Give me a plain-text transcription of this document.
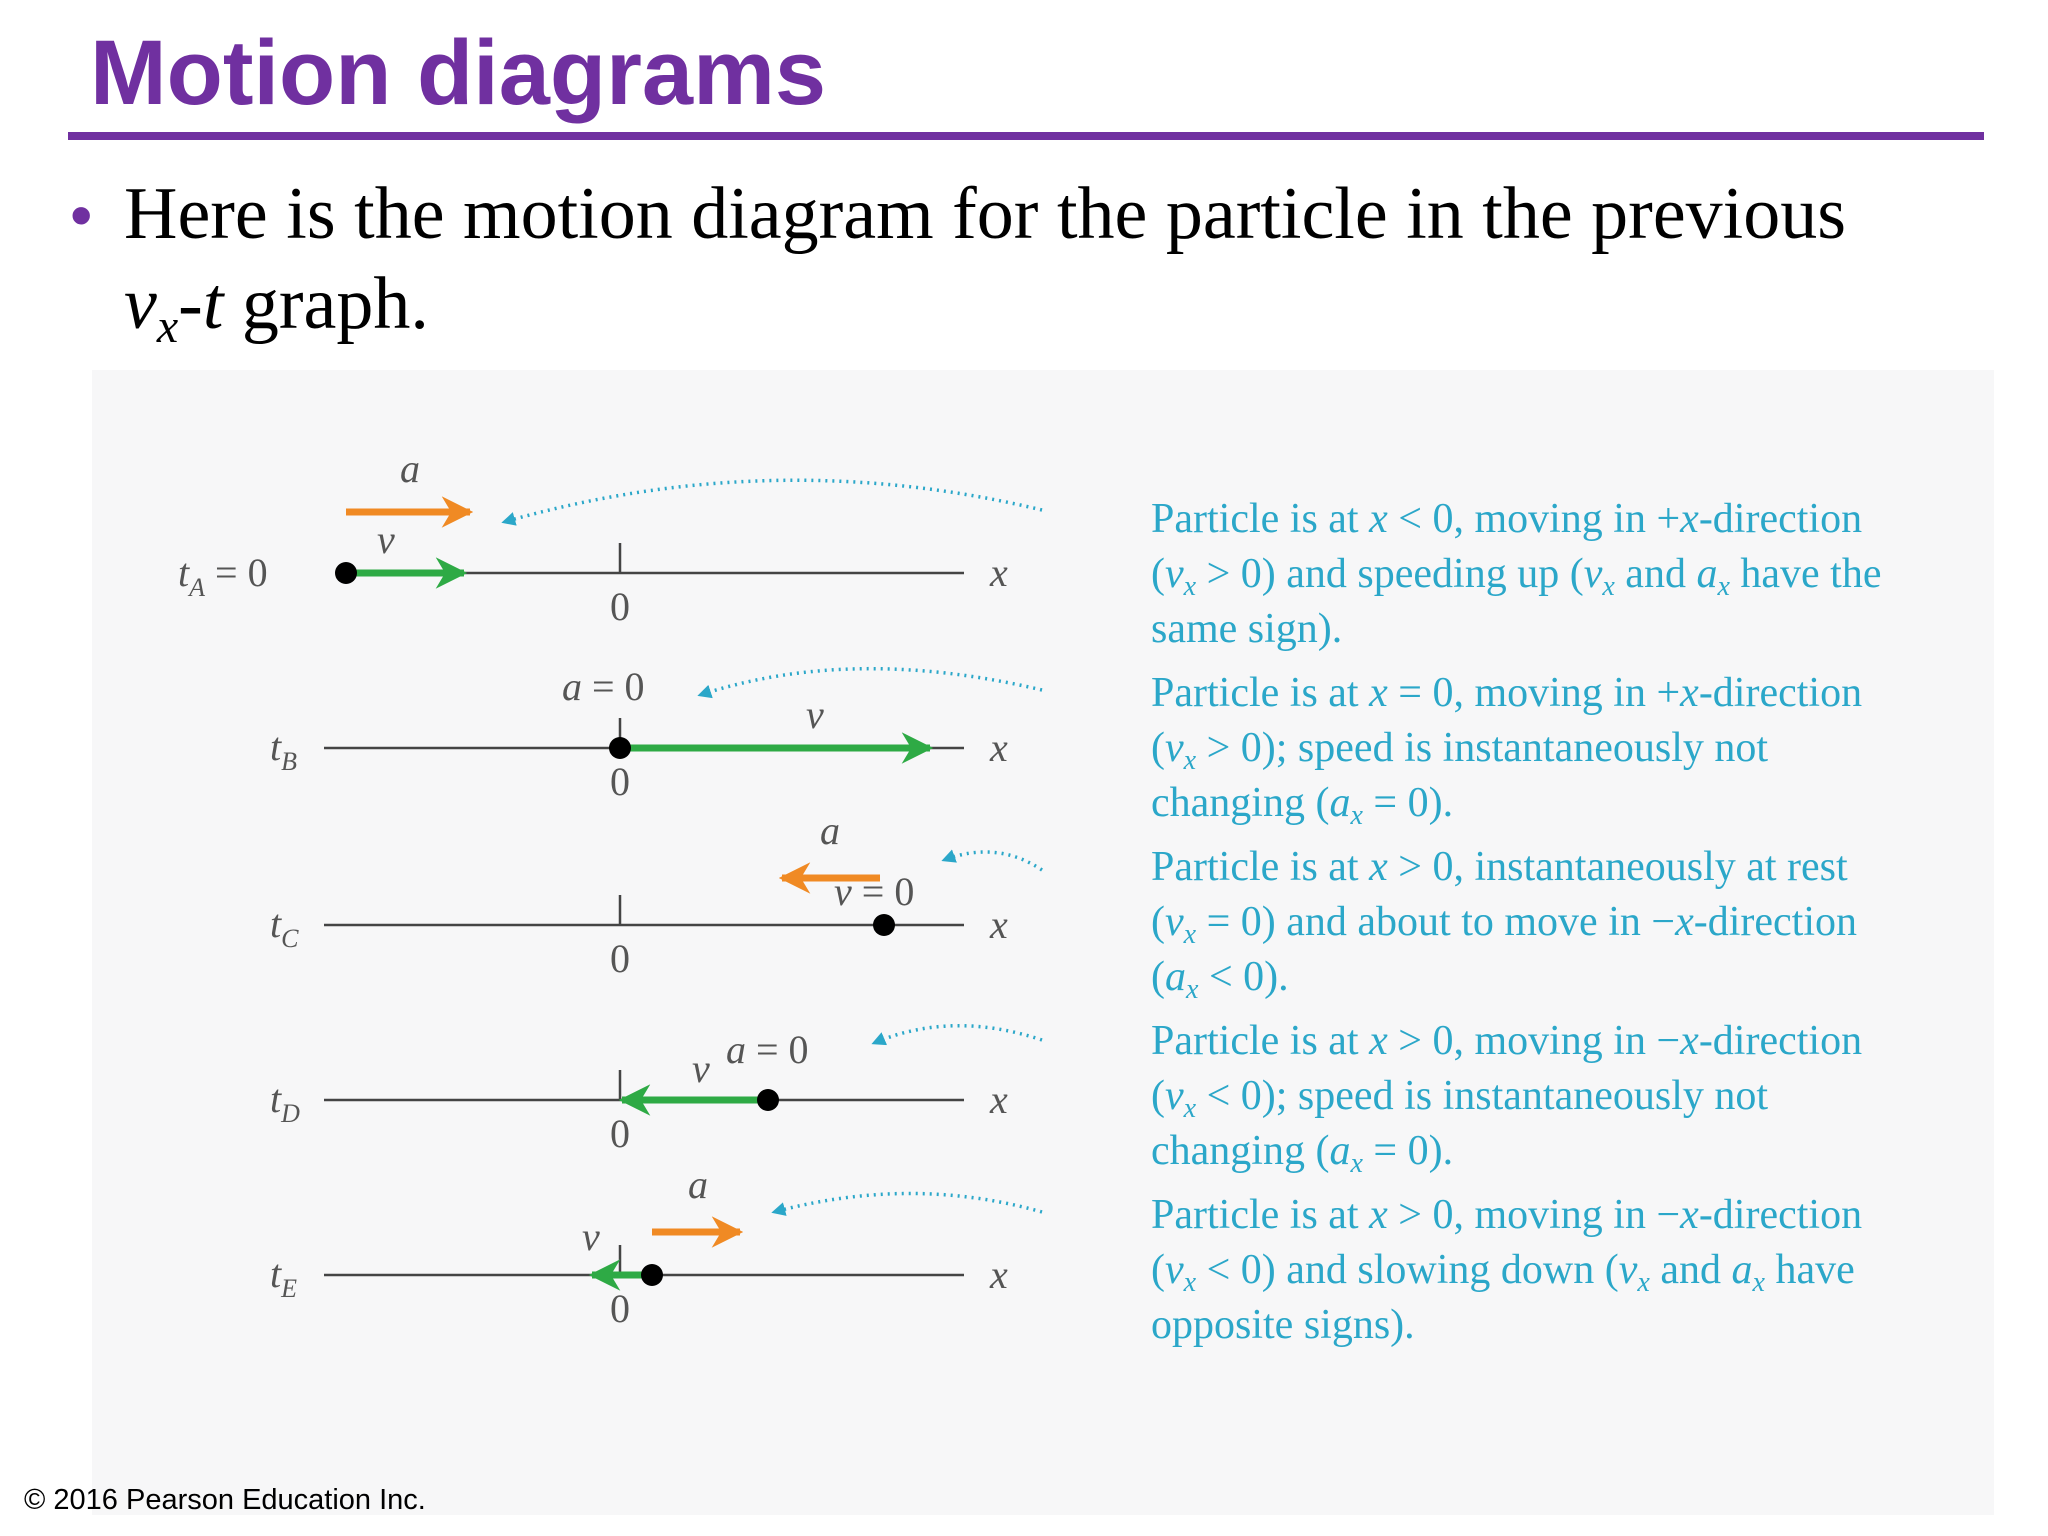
Motion diagrams
• Here is the motion diagram for the particle in the previous
$v_x-t$ graph.
$t_A = 0$
0
x
v
a
$t_B$	0
x
v
a = 0
$t_C$	0
x
a
v = 0
$t_D$	0
x
v a = 0
$t_E$	0
x
v
a
Particle is at x < 0, moving in +x-direction
$(v_x > 0)$ and speeding up ($v_x$ and $a_x$ have the
same sign).
Particle is at x = 0, moving in +x-direction
$(v_x > 0)$; speed is instantaneously not
changing $(a_x = 0)$.
Particle is at x > 0, instantaneously at rest
$(v_x = 0)$ and about to move in −x-direction
$(a_x < 0)$.
Particle is at x > 0, moving in −x-direction
$(v_x < 0)$; speed is instantaneously not
changing $(a_x = 0)$.
Particle is at x > 0, moving in −x-direction
$(v_x < 0)$ and slowing down ($v_x$ and $a_x$ have
opposite signs).
© 2016 Pearson Education Inc.
